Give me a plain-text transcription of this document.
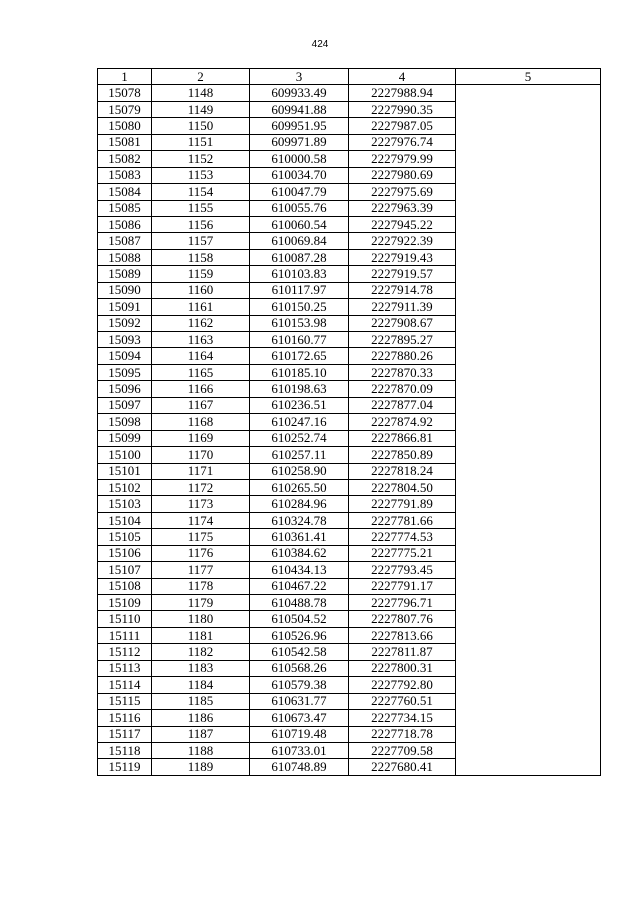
424
1	2	3	4	5
15078	1148	609933.49	2227988.94	
15079	1149	609941.88	2227990.35	
15080	1150	609951.95	2227987.05	
15081	1151	609971.89	2227976.74	
15082	1152	610000.58	2227979.99	
15083	1153	610034.70	2227980.69	
15084	1154	610047.79	2227975.69	
15085	1155	610055.76	2227963.39	
15086	1156	610060.54	2227945.22	
15087	1157	610069.84	2227922.39	
15088	1158	610087.28	2227919.43	
15089	1159	610103.83	2227919.57	
15090	1160	610117.97	2227914.78	
15091	1161	610150.25	2227911.39	
15092	1162	610153.98	2227908.67	
15093	1163	610160.77	2227895.27	
15094	1164	610172.65	2227880.26	
15095	1165	610185.10	2227870.33	
15096	1166	610198.63	2227870.09	
15097	1167	610236.51	2227877.04	
15098	1168	610247.16	2227874.92	
15099	1169	610252.74	2227866.81	
15100	1170	610257.11	2227850.89	
15101	1171	610258.90	2227818.24	
15102	1172	610265.50	2227804.50	
15103	1173	610284.96	2227791.89	
15104	1174	610324.78	2227781.66	
15105	1175	610361.41	2227774.53	
15106	1176	610384.62	2227775.21	
15107	1177	610434.13	2227793.45	
15108	1178	610467.22	2227791.17	
15109	1179	610488.78	2227796.71	
15110	1180	610504.52	2227807.76	
15111	1181	610526.96	2227813.66	
15112	1182	610542.58	2227811.87	
15113	1183	610568.26	2227800.31	
15114	1184	610579.38	2227792.80	
15115	1185	610631.77	2227760.51	
15116	1186	610673.47	2227734.15	
15117	1187	610719.48	2227718.78	
15118	1188	610733.01	2227709.58	
15119	1189	610748.89	2227680.41	
